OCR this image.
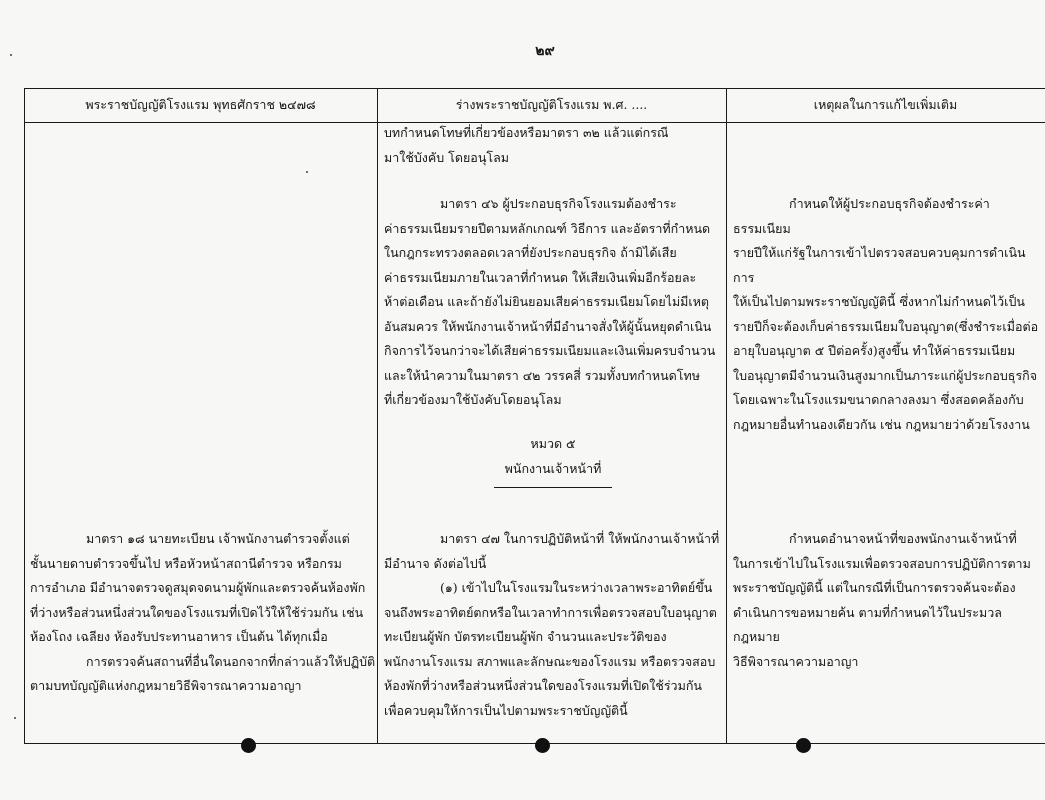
๒๙
พระราชบัญญัติโรงแรม พุทธศักราช ๒๔๗๘	ร่างพระราชบัญญัติโรงแรม พ.ศ. ....	เหตุผลในการแก้ไขเพิ่มเติม

มาตรา ๑๘ นายทะเบียน เจ้าพนักงานตำรวจตั้งแต่

ชั้นนายดาบตำรวจขึ้นไป หรือหัวหน้าสถานีตำรวจ หรือกรม

การอำเภอ มีอำนาจตรวจดูสมุดจดนามผู้พักและตรวจค้นห้องพัก

ที่ว่างหรือส่วนหนึ่งส่วนใดของโรงแรมที่เปิดไว้ให้ใช้ร่วมกัน เช่น

ห้องโถง เฉลียง ห้องรับประทานอาหาร เป็นต้น ได้ทุกเมื่อ

การตรวจค้นสถานที่อื่นใดนอกจากที่กล่าวแล้วให้ปฏิบัติ

ตามบทบัญญัติแห่งกฎหมายวิธีพิจารณาความอาญา

บทกำหนดโทษที่เกี่ยวข้องหรือมาตรา ๓๒ แล้วแต่กรณี

มาใช้บังคับ โดยอนุโลม

มาตรา ๔๖ ผู้ประกอบธุรกิจโรงแรมต้องชำระ

ค่าธรรมเนียมรายปีตามหลักเกณฑ์ วิธีการ และอัตราที่กำหนด

ในกฎกระทรวงตลอดเวลาที่ยังประกอบธุรกิจ ถ้ามิได้เสีย

ค่าธรรมเนียมภายในเวลาที่กำหนด ให้เสียเงินเพิ่มอีกร้อยละ

ห้าต่อเดือน และถ้ายังไม่ยินยอมเสียค่าธรรมเนียมโดยไม่มีเหตุ

อันสมควร ให้พนักงานเจ้าหน้าที่มีอำนาจสั่งให้ผู้นั้นหยุดดำเนิน

กิจการไว้จนกว่าจะได้เสียค่าธรรมเนียมและเงินเพิ่มครบจำนวน

และให้นำความในมาตรา ๔๒ วรรคสี่ รวมทั้งบทกำหนดโทษ

ที่เกี่ยวข้องมาใช้บังคับโดยอนุโลม

หมวด ๕

พนักงานเจ้าหน้าที่

มาตรา ๔๗ ในการปฏิบัติหน้าที่ ให้พนักงานเจ้าหน้าที่

มีอำนาจ ดังต่อไปนี้

(๑) เข้าไปในโรงแรมในระหว่างเวลาพระอาทิตย์ขึ้น

จนถึงพระอาทิตย์ตกหรือในเวลาทำการเพื่อตรวจสอบใบอนุญาต

ทะเบียนผู้พัก บัตรทะเบียนผู้พัก จำนวนและประวัติของ

พนักงานโรงแรม สภาพและลักษณะของโรงแรม หรือตรวจสอบ

ห้องพักที่ว่างหรือส่วนหนึ่งส่วนใดของโรงแรมที่เปิดใช้ร่วมกัน

เพื่อควบคุมให้การเป็นไปตามพระราชบัญญัตินี้

กำหนดให้ผู้ประกอบธุรกิจต้องชำระค่าธรรมเนียม

รายปีให้แก่รัฐในการเข้าไปตรวจสอบควบคุมการดำเนินการ

ให้เป็นไปตามพระราชบัญญัตินี้ ซึ่งหากไม่กำหนดไว้เป็น

รายปีก็จะต้องเก็บค่าธรรมเนียมใบอนุญาต(ซึ่งชำระเมื่อต่อ

อายุใบอนุญาต ๕ ปีต่อครั้ง)สูงขึ้น ทำให้ค่าธรรมเนียม

ใบอนุญาตมีจำนวนเงินสูงมากเป็นภาระแก่ผู้ประกอบธุรกิจ

โดยเฉพาะในโรงแรมขนาดกลางลงมา ซึ่งสอดคล้องกับ

กฎหมายอื่นทำนองเดียวกัน เช่น กฎหมายว่าด้วยโรงงาน

กำหนดอำนาจหน้าที่ของพนักงานเจ้าหน้าที่

ในการเข้าไปในโรงแรมเพื่อตรวจสอบการปฏิบัติการตาม

พระราชบัญญัตินี้ แต่ในกรณีที่เป็นการตรวจค้นจะต้อง

ดำเนินการขอหมายค้น ตามที่กำหนดไว้ในประมวลกฎหมาย

วิธีพิจารณาความอาญา
